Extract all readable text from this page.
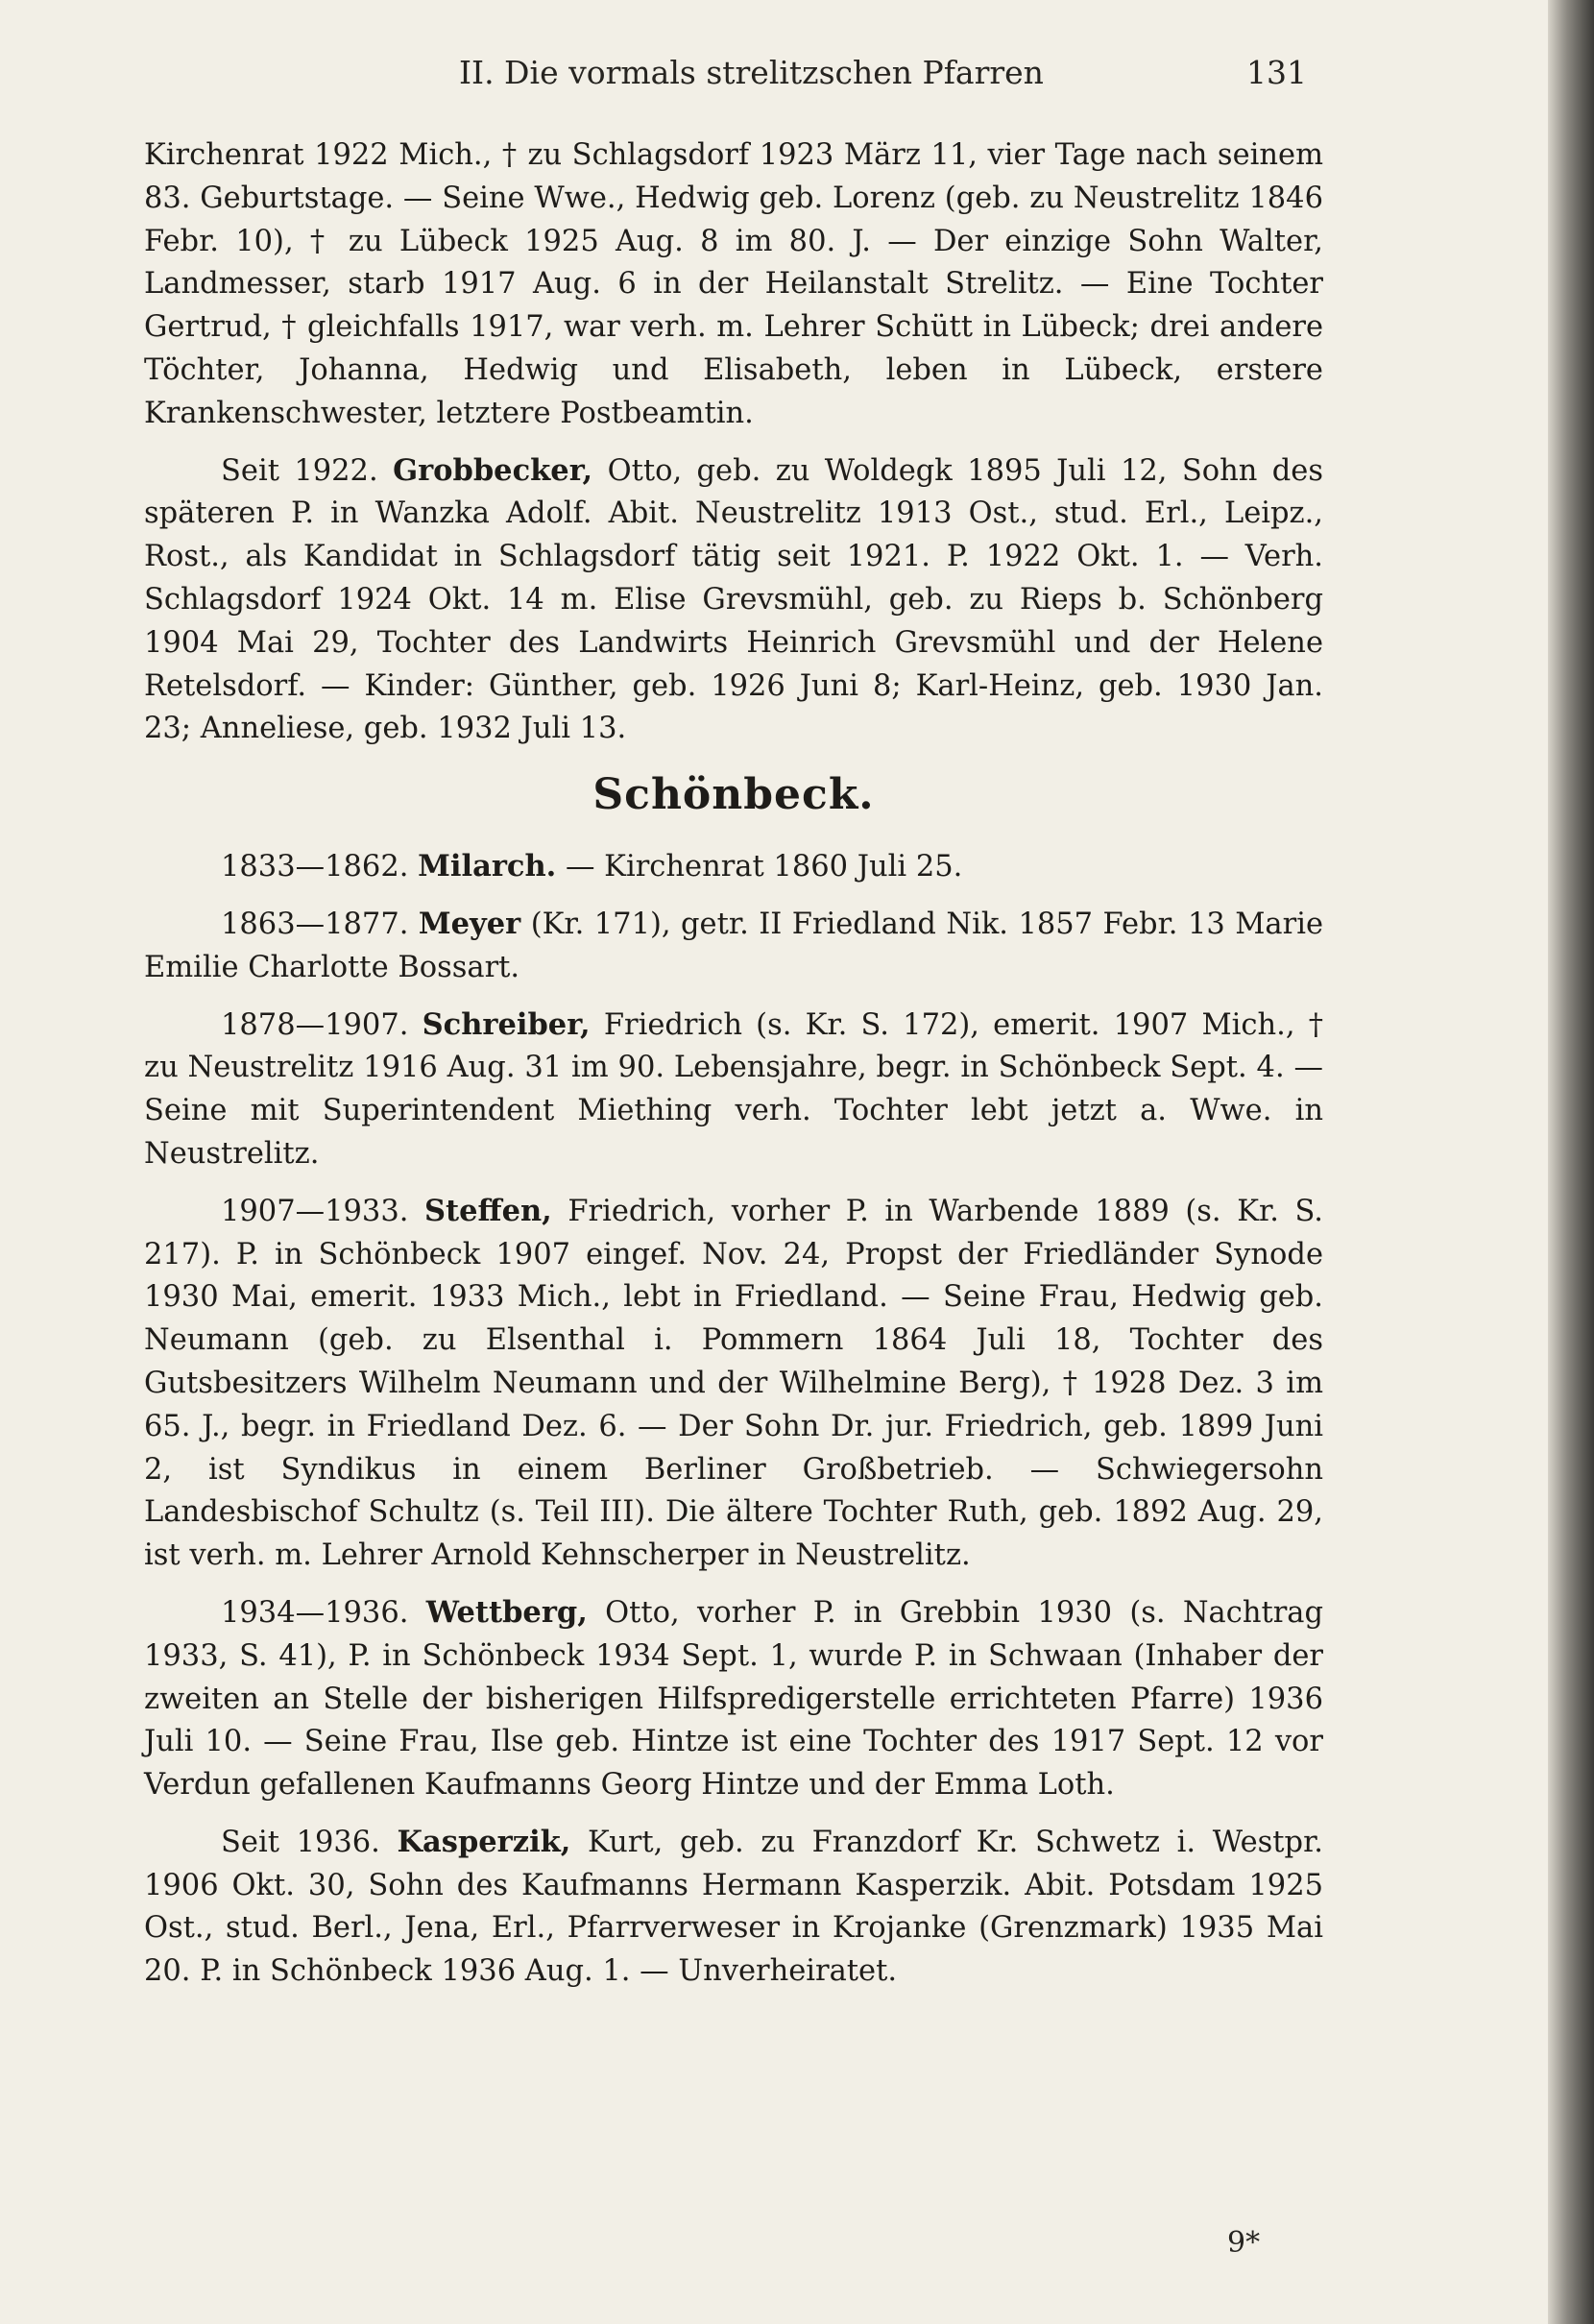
II. Die vormals strelitzschen Pfarren	131

Kirchenrat 1922 Mich., † zu Schlagsdorf 1923 März 11, vier Tage nach seinem 83. Geburtstage. — Seine Wwe., Hedwig geb. Lorenz (geb. zu Neustrelitz 1846 Febr. 10), † zu Lübeck 1925 Aug. 8 im 80. J. — Der einzige Sohn Walter, Landmesser, starb 1917 Aug. 6 in der Heilanstalt Strelitz. — Eine Tochter Gertrud, † gleichfalls 1917, war verh. m. Lehrer Schütt in Lübeck; drei andere Töchter, Johanna, Hedwig und Elisabeth, leben in Lübeck, erstere Krankenschwester, letztere Postbeamtin.

Seit 1922. Grobbecker, Otto, geb. zu Woldegk 1895 Juli 12, Sohn des späteren P. in Wanzka Adolf. Abit. Neustrelitz 1913 Ost., stud. Erl., Leipz., Rost., als Kandidat in Schlagsdorf tätig seit 1921. P. 1922 Okt. 1. — Verh. Schlagsdorf 1924 Okt. 14 m. Elise Grevsmühl, geb. zu Rieps b. Schönberg 1904 Mai 29, Tochter des Landwirts Heinrich Grevsmühl und der Helene Retelsdorf. — Kinder: Günther, geb. 1926 Juni 8; Karl-Heinz, geb. 1930 Jan. 23; Anneliese, geb. 1932 Juli 13.

Schönbeck.

1833—1862. Milarch. — Kirchenrat 1860 Juli 25.

1863—1877. Meyer (Kr. 171), getr. II Friedland Nik. 1857 Febr. 13 Marie Emilie Charlotte Bossart.

1878—1907. Schreiber, Friedrich (s. Kr. S. 172), emerit. 1907 Mich., † zu Neustrelitz 1916 Aug. 31 im 90. Lebensjahre, begr. in Schönbeck Sept. 4. — Seine mit Superintendent Miething verh. Tochter lebt jetzt a. Wwe. in Neustrelitz.

1907—1933. Steffen, Friedrich, vorher P. in Warbende 1889 (s. Kr. S. 217). P. in Schönbeck 1907 eingef. Nov. 24, Propst der Friedländer Synode 1930 Mai, emerit. 1933 Mich., lebt in Friedland. — Seine Frau, Hedwig geb. Neumann (geb. zu Elsenthal i. Pommern 1864 Juli 18, Tochter des Gutsbesitzers Wilhelm Neumann und der Wilhelmine Berg), † 1928 Dez. 3 im 65. J., begr. in Friedland Dez. 6. — Der Sohn Dr. jur. Friedrich, geb. 1899 Juni 2, ist Syndikus in einem Berliner Großbetrieb. — Schwiegersohn Landesbischof Schultz (s. Teil III). Die ältere Tochter Ruth, geb. 1892 Aug. 29, ist verh. m. Lehrer Arnold Kehnscherper in Neustrelitz.

1934—1936. Wettberg, Otto, vorher P. in Grebbin 1930 (s. Nachtrag 1933, S. 41), P. in Schönbeck 1934 Sept. 1, wurde P. in Schwaan (Inhaber der zweiten an Stelle der bisherigen Hilfspredigerstelle errichteten Pfarre) 1936 Juli 10. — Seine Frau, Ilse geb. Hintze ist eine Tochter des 1917 Sept. 12 vor Verdun gefallenen Kaufmanns Georg Hintze und der Emma Loth.

Seit 1936. Kasperzik, Kurt, geb. zu Franzdorf Kr. Schwetz i. Westpr. 1906 Okt. 30, Sohn des Kaufmanns Hermann Kasperzik. Abit. Potsdam 1925 Ost., stud. Berl., Jena, Erl., Pfarrverweser in Krojanke (Grenzmark) 1935 Mai 20. P. in Schönbeck 1936 Aug. 1. — Unverheiratet.

9*
